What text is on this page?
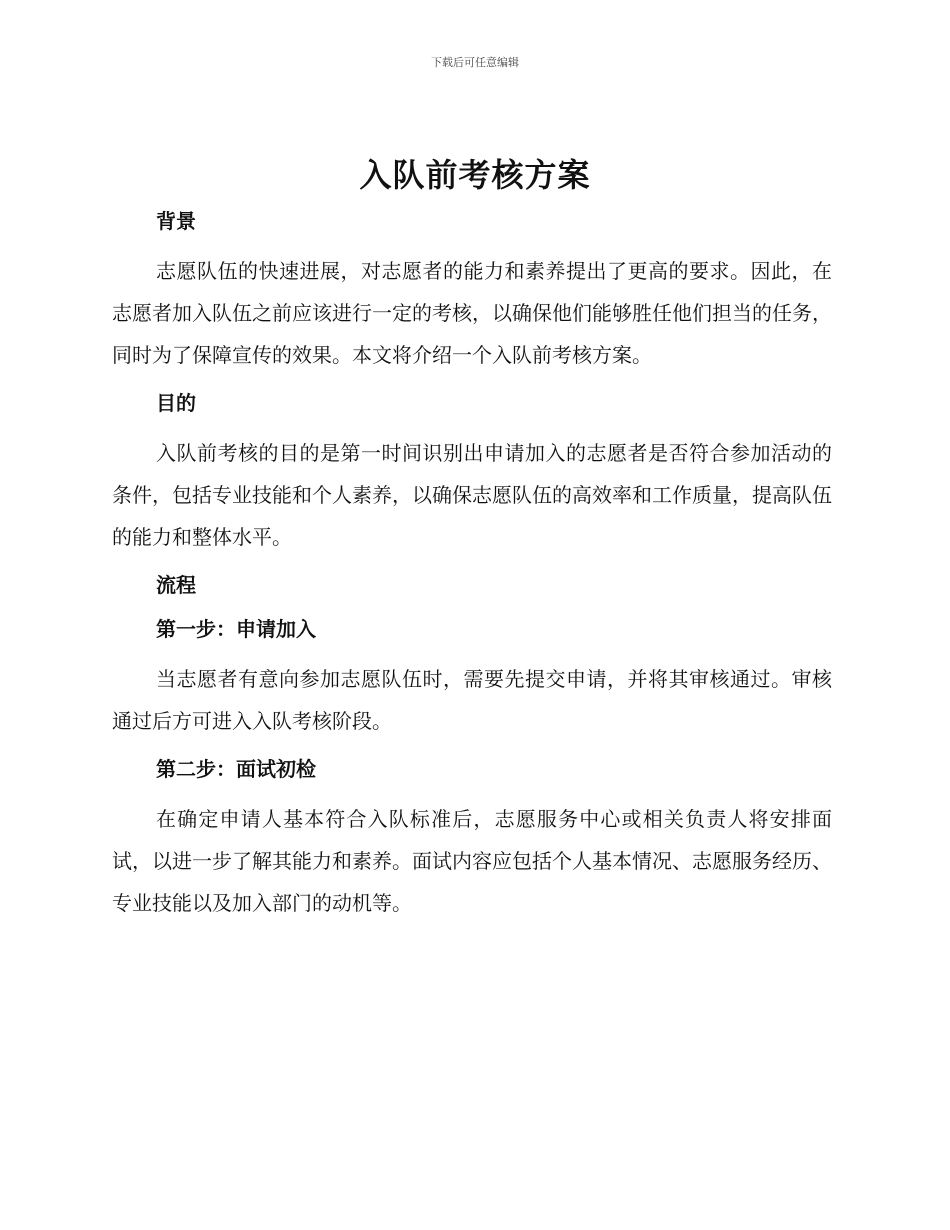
下载后可任意编辑
入队前考核方案
背景

志愿队伍的快速进展，对志愿者的能力和素养提出了更高的要求。因此，在志愿者加入队伍之前应该进行一定的考核，以确保他们能够胜任他们担当的任务，同时为了保障宣传的效果。本文将介绍一个入队前考核方案。

目的

入队前考核的目的是第一时间识别出申请加入的志愿者是否符合参加活动的条件，包括专业技能和个人素养，以确保志愿队伍的高效率和工作质量，提高队伍的能力和整体水平。

流程
第一步：申请加入

当志愿者有意向参加志愿队伍时，需要先提交申请，并将其审核通过。审核通过后方可进入入队考核阶段。

第二步：面试初检

在确定申请人基本符合入队标准后，志愿服务中心或相关负责人将安排面试，以进一步了解其能力和素养。面试内容应包括个人基本情况、志愿服务经历、专业技能以及加入部门的动机等。
